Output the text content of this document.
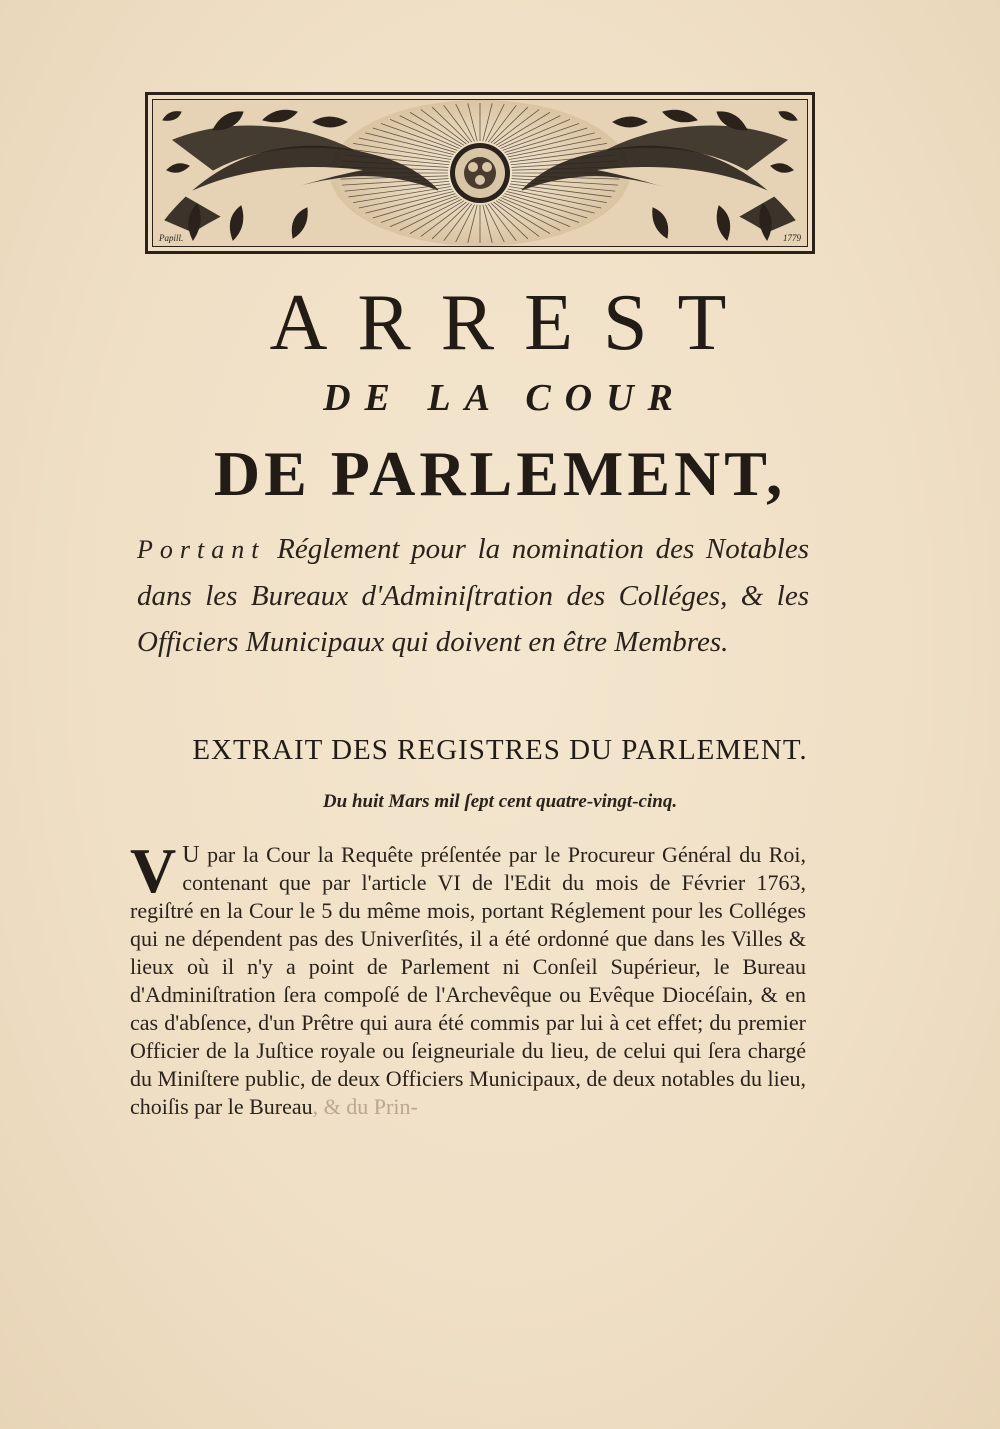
Papill.	1779
ARREST
DE LA COUR
DE PARLEMENT,
Portant Réglement pour la nomination des Notables dans les Bureaux d'Adminiſtration des Colléges, & les Officiers Municipaux qui doivent en être Membres.
EXTRAIT DES REGISTRES DU PARLEMENT.
Du huit Mars mil ſept cent quatre-vingt-cinq.
V U par la Cour la Requête préſentée par le Procureur Général du Roi, contenant que par l'article VI de l'Edit du mois de Février 1763, regiſtré en la Cour le 5 du même mois, portant Réglement pour les Colléges qui ne dépendent pas des Univerſités, il a été ordonné que dans les Villes & lieux où il n'y a point de Parlement ni Conſeil Supérieur, le Bureau d'Adminiſtration ſera compoſé de l'Archevêque ou Evêque Diocéſain, & en cas d'abſence, d'un Prêtre qui aura été commis par lui à cet effet; du premier Officier de la Juſtice royale ou ſeigneuriale du lieu, de celui qui ſera chargé du Miniſtere public, de deux Officiers Municipaux, de deux notables du lieu, choiſis par le Bureau, & du Prin-
